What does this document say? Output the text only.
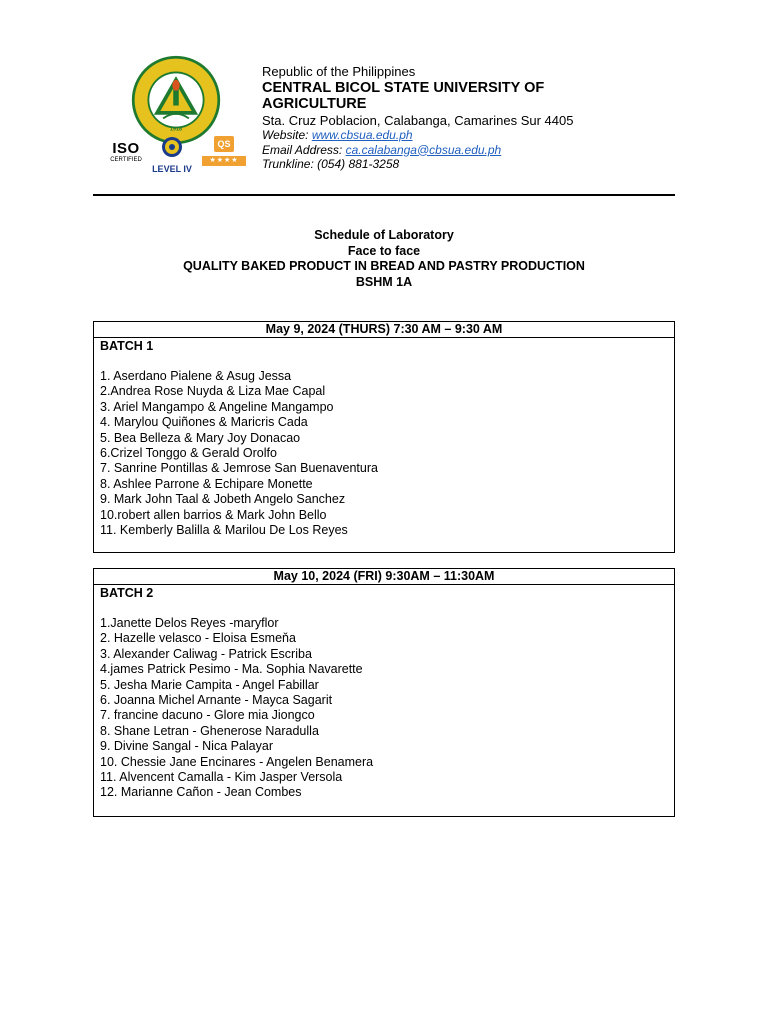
1918
ISO
CERTIFIED
LEVEL IV
QS
★★★★
Republic of the Philippines
CENTRAL BICOL STATE UNIVERSITY OF
AGRICULTURE
Sta. Cruz Poblacion, Calabanga, Camarines Sur 4405
Website: www.cbsua.edu.ph
Email Address: ca.calabanga@cbsua.edu.ph
Trunkline: (054) 881-3258
Schedule of Laboratory
Face to face
QUALITY BAKED PRODUCT IN BREAD AND PASTRY PRODUCTION
BSHM 1A
May 9, 2024 (THURS) 7:30 AM – 9:30 AM
BATCH 1
1. Aserdano Pialene & Asug Jessa
2.Andrea Rose Nuyda & Liza Mae Capal
3. Ariel Mangampo & Angeline Mangampo
4. Marylou Quiñones & Maricris Cada
5. Bea Belleza & Mary Joy Donacao
6.Crizel Tonggo & Gerald Orolfo
7. Sanrine Pontillas & Jemrose San Buenaventura
8. Ashlee Parrone & Echipare Monette
9. Mark John Taal & Jobeth Angelo Sanchez
10.robert allen barrios & Mark John Bello
11. Kemberly Balilla & Marilou De Los Reyes
May 10, 2024 (FRI) 9:30AM – 11:30AM
BATCH 2
1.Janette Delos Reyes -maryflor
2. Hazelle velasco - Eloisa Esmeňa
3. Alexander Caliwag - Patrick Escriba
4.james Patrick Pesimo - Ma. Sophia Navarette
5. Jesha Marie Campita - Angel Fabillar
6. Joanna Michel Arnante - Mayca Sagarit
7. francine dacuno - Glore mia Jiongco
8. Shane Letran - Ghenerose Naradulla
9. Divine Sangal - Nica Palayar
10. Chessie Jane Encinares - Angelen Benamera
11. Alvencent Camalla - Kim Jasper Versola
12. Marianne Cañon - Jean Combes
